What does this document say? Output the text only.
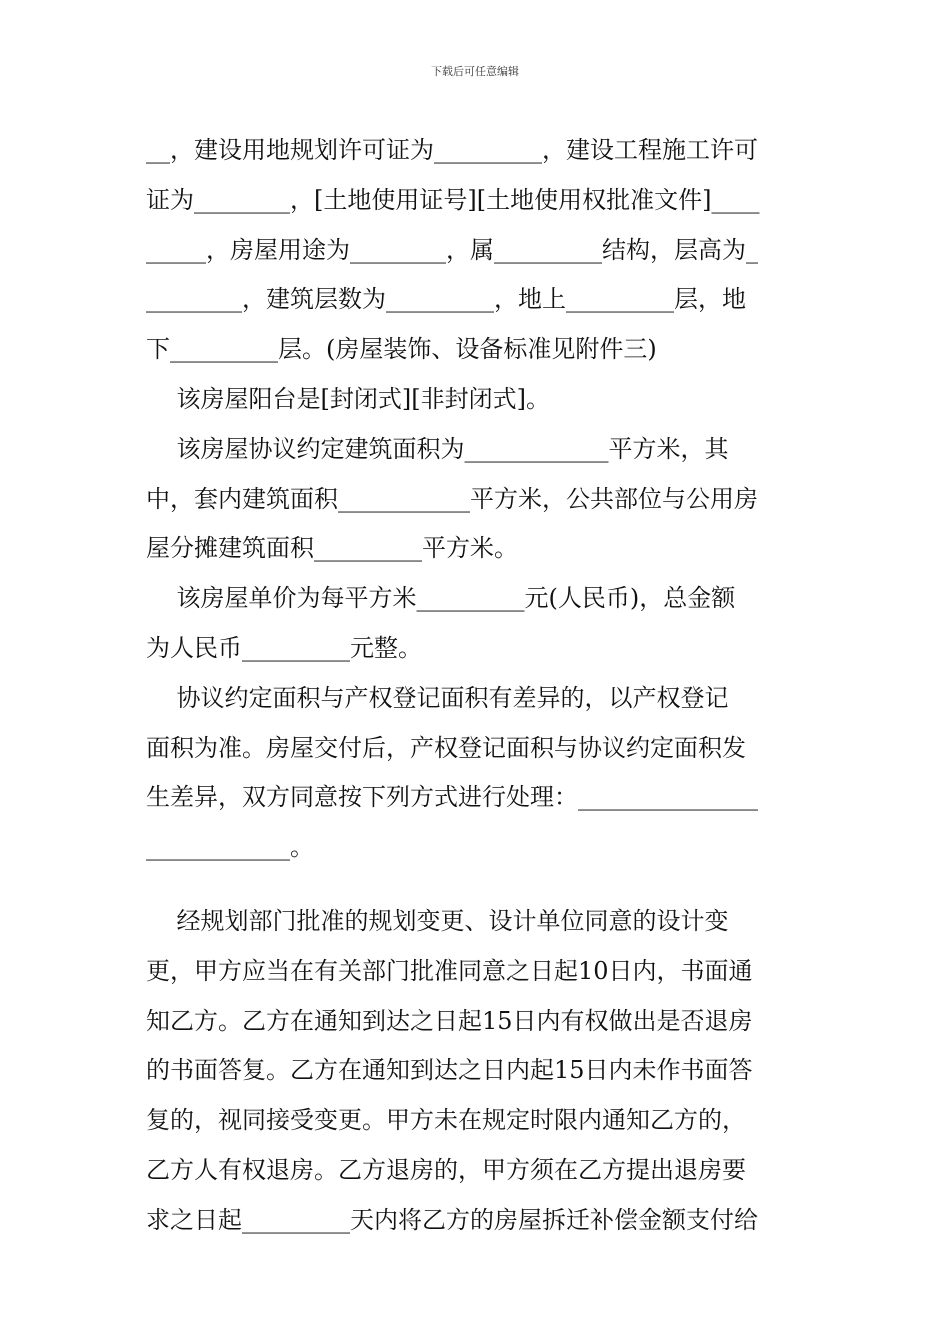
下载后可任意编辑
__，建设用地规划许可证为_________，建设工程施工许可
证为________，[土地使用证号][土地使用权批准文件]____
_____，房屋用途为________，属_________结构，层高为_
________，建筑层数为_________，地上_________层，地
下_________层。(房屋装饰、设备标准见附件三)
该房屋阳台是[封闭式][非封闭式]。
该房屋协议约定建筑面积为____________平方米，其
中，套内建筑面积___________平方米，公共部位与公用房
屋分摊建筑面积_________平方米。
该房屋单价为每平方米_________元(人民币)，总金额
为人民币_________元整。
协议约定面积与产权登记面积有差异的，以产权登记
面积为准。房屋交付后，产权登记面积与协议约定面积发
生差异，双方同意按下列方式进行处理：_______________
____________。
经规划部门批准的规划变更、设计单位同意的设计变
更，甲方应当在有关部门批准同意之日起10日内，书面通
知乙方。乙方在通知到达之日起15日内有权做出是否退房
的书面答复。乙方在通知到达之日内起15日内未作书面答
复的，视同接受变更。甲方未在规定时限内通知乙方的，
乙方人有权退房。乙方退房的，甲方须在乙方提出退房要
求之日起_________天内将乙方的房屋拆迁补偿金额支付给
